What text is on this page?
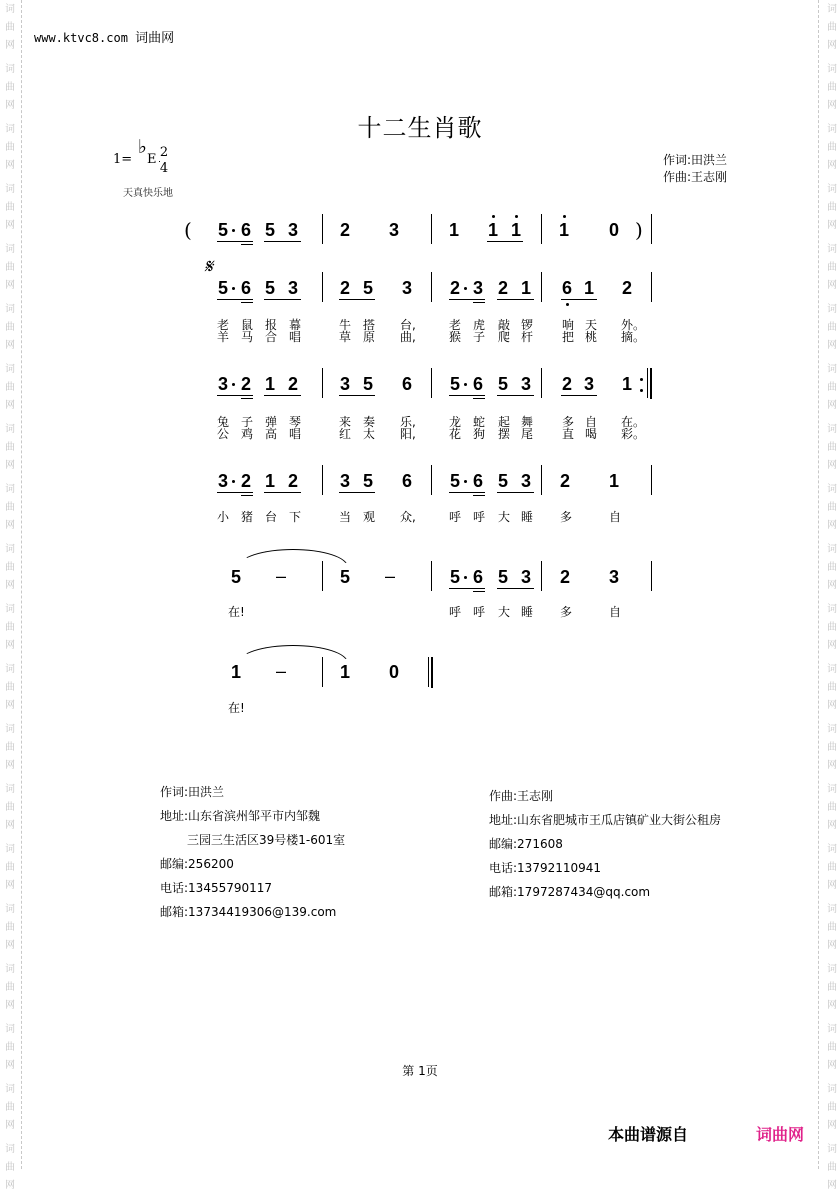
词
曲
网
词
曲
网
词
曲
网
词
曲
网
词
曲
网
词
曲
网
词
曲
网
词
曲
网
词
曲
网
词
曲
网
词
曲
网
词
曲
网
词
曲
网
词
曲
网
词
曲
网
词
曲
网
词
曲
网
词
曲
网
词
曲
网
词
曲
网
词
曲
网
词
曲
网
词
曲
网
词
曲
网
词
曲
网
词
曲
网
词
曲
网
词
曲
网
词
曲
网
词
曲
网
词
曲
网
词
曲
网
词
曲
网
词
曲
网
词
曲
网
词
曲
网
词
曲
网
词
曲
网
词
曲
网
词
曲
网
www.ktvc8.com 词曲网
十二生肖歌
1=
♭
E 2
4
天真快乐地
作词:田洪兰
作曲:王志刚
( 5 6 5 3 2 3	1 1 1 1 0 )
𝄋
5 6 5 3 2 5 3 2 3 2 1 6 1 2
老 鼠 报 幕	牛 搭 台,	老 虎 敲 锣 响 天 外。
羊 马 合 唱	草 原 曲,	猴 子 爬 杆 把 桃 摘。
3 2 1 2 3 5 6 5 6 5 3 2 3 1
兔 子 弹 琴	来 奏 乐,	龙 蛇 起 舞 多 自 在。
公 鸡 高 唱	红 太 阳,	花 狗 摆 尾 直 喝 彩。
3 2 1 2 3 5 6 5 6 5 3 2 1
小 猪 台 下	当 观 众,	呼 呼 大 睡 多	自
5 –	5 –	5 6 5 3 2 3
在!	呼 呼 大 睡 多	自
1 –	1 0
在!
作词:田洪兰
地址:山东省滨州邹平市内邹魏
三园三生活区39号楼1-601室
邮编:256200
电话:13455790117
邮箱:13734419306@139.com
作曲:王志刚
地址:山东省肥城市王瓜店镇矿业大街公租房
邮编:271608
电话:13792110941
邮箱:1797287434@qq.com
第 1页
本曲谱源自	词曲网
